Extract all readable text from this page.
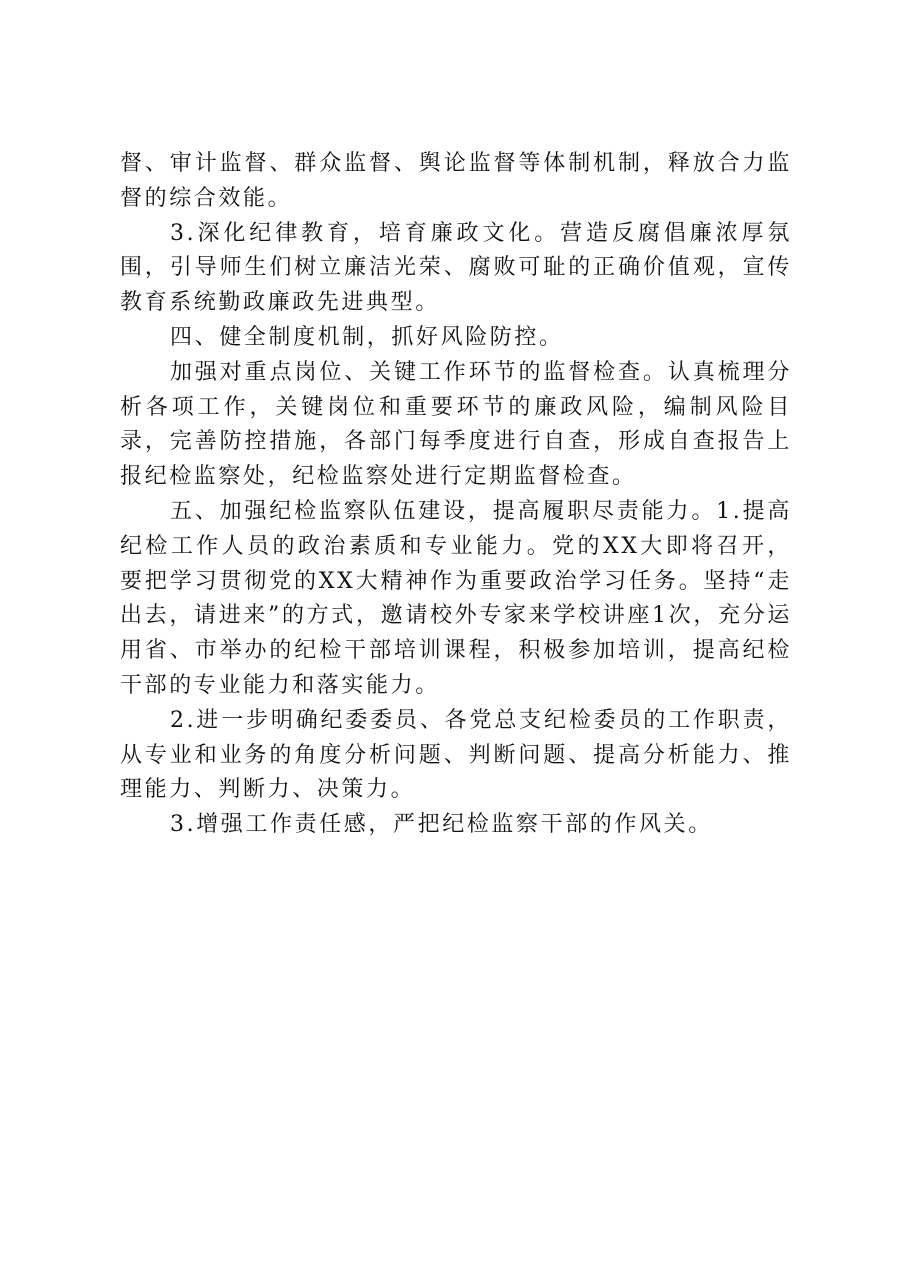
督、审计监督、群众监督、舆论监督等体制机制，释放合力监督的综合效能。

3.深化纪律教育，培育廉政文化。营造反腐倡廉浓厚氛围，引导师生们树立廉洁光荣、腐败可耻的正确价值观，宣传教育系统勤政廉政先进典型。

四、健全制度机制，抓好风险防控。

加强对重点岗位、关键工作环节的监督检查。认真梳理分析各项工作，关键岗位和重要环节的廉政风险，编制风险目录，完善防控措施，各部门每季度进行自查，形成自查报告上报纪检监察处，纪检监察处进行定期监督检查。

五、加强纪检监察队伍建设，提高履职尽责能力。1.提高纪检工作人员的政治素质和专业能力。党的XX大即将召开，要把学习贯彻党的XX大精神作为重要政治学习任务。坚持“走出去，请进来”的方式，邀请校外专家来学校讲座1次，充分运用省、市举办的纪检干部培训课程，积极参加培训，提高纪检干部的专业能力和落实能力。

2.进一步明确纪委委员、各党总支纪检委员的工作职责，从专业和业务的角度分析问题、判断问题、提高分析能力、推理能力、判断力、决策力。

3.增强工作责任感，严把纪检监察干部的作风关。
